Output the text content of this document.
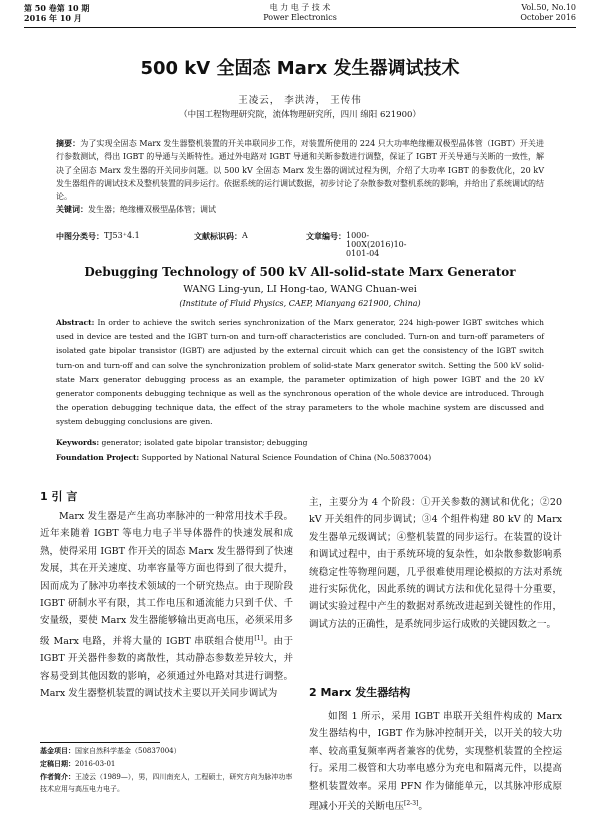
第 50 卷第 10 期
2016 年 10 月
电 力 电 子 技 术
Power Electronics
Vol.50, No.10
October 2016
500 kV 全固态 Marx 发生器调试技术
王凌云， 李洪涛， 王传伟
（中国工程物理研究院，流体物理研究所，四川 绵阳 621900）
摘要：为了实现全固态 Marx 发生器整机装置的开关串联同步工作，对装置所使用的 224 只大功率绝缘栅双极型晶体管（IGBT）开关进行参数测试，得出 IGBT 的导通与关断特性。通过外电路对 IGBT 导通和关断参数进行调整，保证了 IGBT 开关导通与关断的一致性，解决了全固态 Marx 发生器的开关同步问题。以 500 kV 全固态 Marx 发生器的调试过程为例，介绍了大功率 IGBT 的参数优化，20 kV 发生器组件的调试技术及整机装置的同步运行。依据系统的运行调试数据，初步讨论了杂散参数对整机系统的影响，并给出了系统调试的结论。
关键词：发生器；绝缘栅双极型晶体管；调试
中图分类号： TJ53⁺4.1	文献标识码： A	文章编号： 1000-100X(2016)10-0101-04
Debugging Technology of 500 kV All-solid-state Marx Generator
WANG Ling-yun, LI Hong-tao, WANG Chuan-wei
(Institute of Fluid Physics, CAEP, Mianyang 621900, China)
Abstract: In order to achieve the switch series synchronization of the Marx generator, 224 high-power IGBT switches which used in device are tested and the IGBT turn-on and turn-off characteristics are concluded. Turn-on and turn-off parameters of isolated gate bipolar transistor (IGBT) are adjusted by the external circuit which can get the consistency of the IGBT switch turn-on and turn-off and can solve the synchronization problem of solid-state Marx generator switch. Setting the 500 kV solid-state Marx generator debugging process as an example, the parameter optimization of high power IGBT and the 20 kV generator components debugging technique as well as the synchronous operation of the whole device are introduced. Through the operation debugging technique data, the effect of the stray parameters to the whole machine system are discussed and system debugging conclusions are given.
Keywords: generator; isolated gate bipolar transistor; debugging
Foundation Project: Supported by National Natural Science Foundation of China (No.50837004)
1 引 言

Marx 发生器是产生高功率脉冲的一种常用技术手段。近年来随着 IGBT 等电力电子半导体器件的快速发展和成熟，使得采用 IGBT 作开关的固态 Marx 发生器得到了快速发展，其在开关速度、功率容量等方面也得到了很大提升，因而成为了脉冲功率技术领域的一个研究热点。由于现阶段 IGBT 研制水平有限，其工作电压和通流能力只到千伏、千安量级，要使 Marx 发生器能够输出更高电压，必须采用多级 Marx 电路，并将大量的 IGBT 串联组合使用[1]。由于 IGBT 开关器件参数的离散性，其动静态参数差异较大，并容易受到其他因数的影响，必须通过外电路对其进行调整。Marx 发生器整机装置的调试技术主要以开关同步调试为

主，主要分为 4 个阶段：①开关参数的测试和优化；②20 kV 开关组件的同步调试；③4 个组件构建 80 kV 的 Marx 发生器单元级调试；④整机装置的同步运行。在装置的设计和调试过程中，由于系统环境的复杂性，如杂散参数影响系统稳定性等物理问题，几乎很难使用理论模拟的方法对系统进行实际优化，因此系统的调试方法和优化显得十分重要，调试实验过程中产生的数据对系统改进起到关键性的作用，调试方法的正确性，是系统同步运行成败的关键因数之一。

2 Marx 发生器结构

如图 1 所示，采用 IGBT 串联开关组件构成的 Marx 发生器结构中，IGBT 作为脉冲控制开关，以开关的较大功率、较高重复频率两者兼容的优势，实现整机装置的全控运行。采用二极管和大功率电感分为充电和隔离元件，以提高整机装置效率。采用 PFN 作为储能单元，以其脉冲形成原理减小开关的关断电压[2-3]。

基金项目：国家自然科学基金（50837004）
定稿日期：2016-03-01
作者简介：王凌云（1989—），男，四川南充人，工程硕士，研究方向为脉冲功率技术应用与高压电力电子。
